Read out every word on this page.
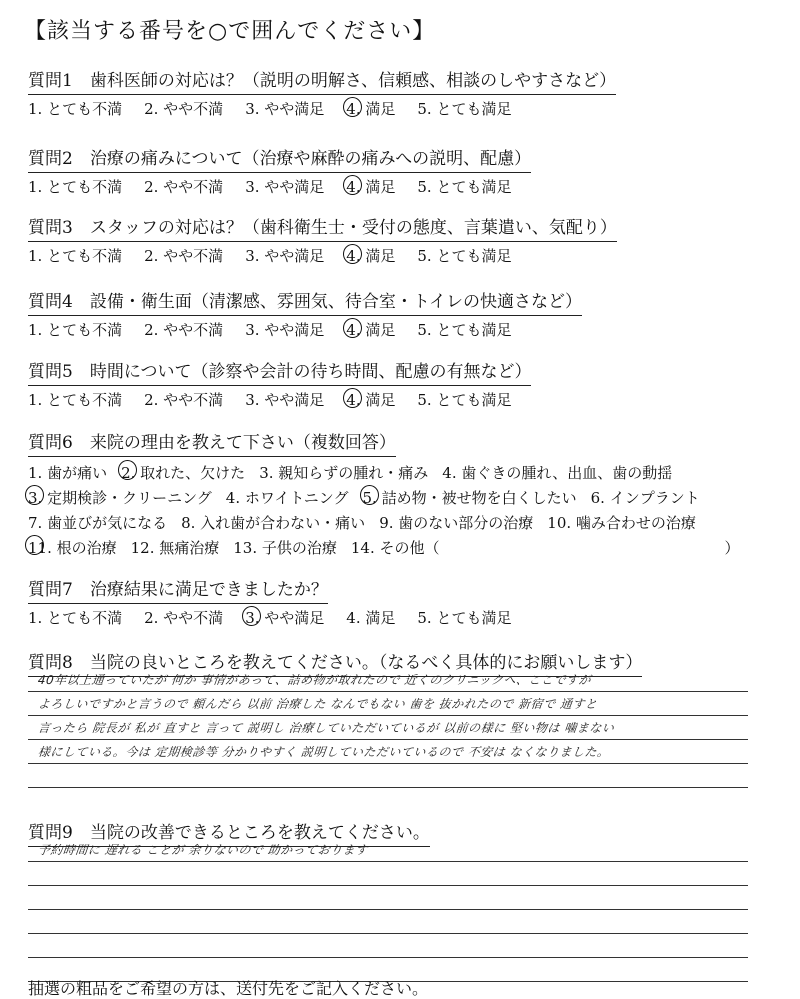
【該当する番号を○で囲んでください】
質問1　歯科医師の対応は？（説明の明解さ、信頼感、相談のしやすさなど）
1. とても不満 2. やや不満 3. やや満足 4. 満足 5. とても満足
質問2　治療の痛みについて（治療や麻酔の痛みへの説明、配慮）
1. とても不満 2. やや不満 3. やや満足 4. 満足 5. とても満足
質問3　スタッフの対応は？（歯科衛生士・受付の態度、言葉遣い、気配り）
1. とても不満 2. やや不満 3. やや満足 4. 満足 5. とても満足
質問4　設備・衛生面（清潔感、雰囲気、待合室・トイレの快適さなど）
1. とても不満 2. やや不満 3. やや満足 4. 満足 5. とても満足
質問5　時間について（診察や会計の待ち時間、配慮の有無など）
1. とても不満 2. やや不満 3. やや満足 4. 満足 5. とても満足
質問6　来院の理由を教えて下さい（複数回答）
1. 歯が痛い 2. 取れた、欠けた 3. 親知らずの腫れ・痛み 4. 歯ぐきの腫れ、出血、歯の動揺
3. 定期検診・クリーニング 4. ホワイトニング 5. 詰め物・被せ物を白くしたい 6. インプラント
7. 歯並びが気になる 8. 入れ歯が合わない・痛い 9. 歯のない部分の治療 10. 噛み合わせの治療
11. 根の治療 12. 無痛治療 13. 子供の治療 14. その他（　　　　　　　　　　　　　　　　　　　）
質問7　治療結果に満足できましたか？
1. とても不満 2. やや不満 3. やや満足 4. 満足 5. とても満足
質問8　当院の良いところを教えてください。（なるべく具体的にお願いします）
40年以上通っていたが 何か 事情があって、詰め物が取れたので 近くのクリニックへ、ここですが
よろしいですかと言うので 頼んだら 以前 治療した なんでもない 歯を 抜かれたので 新宿で 通すと
言ったら 院長が 私が 直すと 言って 説明し 治療していただいているが 以前の様に 堅い物は 噛まない
様にしている。今は 定期検診等 分かりやすく 説明していただいているので 不安は なくなりました。
質問9　当院の改善できるところを教えてください。
予約時間に 遅れる ことが 余りないので 助かっております
抽選の粗品をご希望の方は、送付先をご記入ください。
